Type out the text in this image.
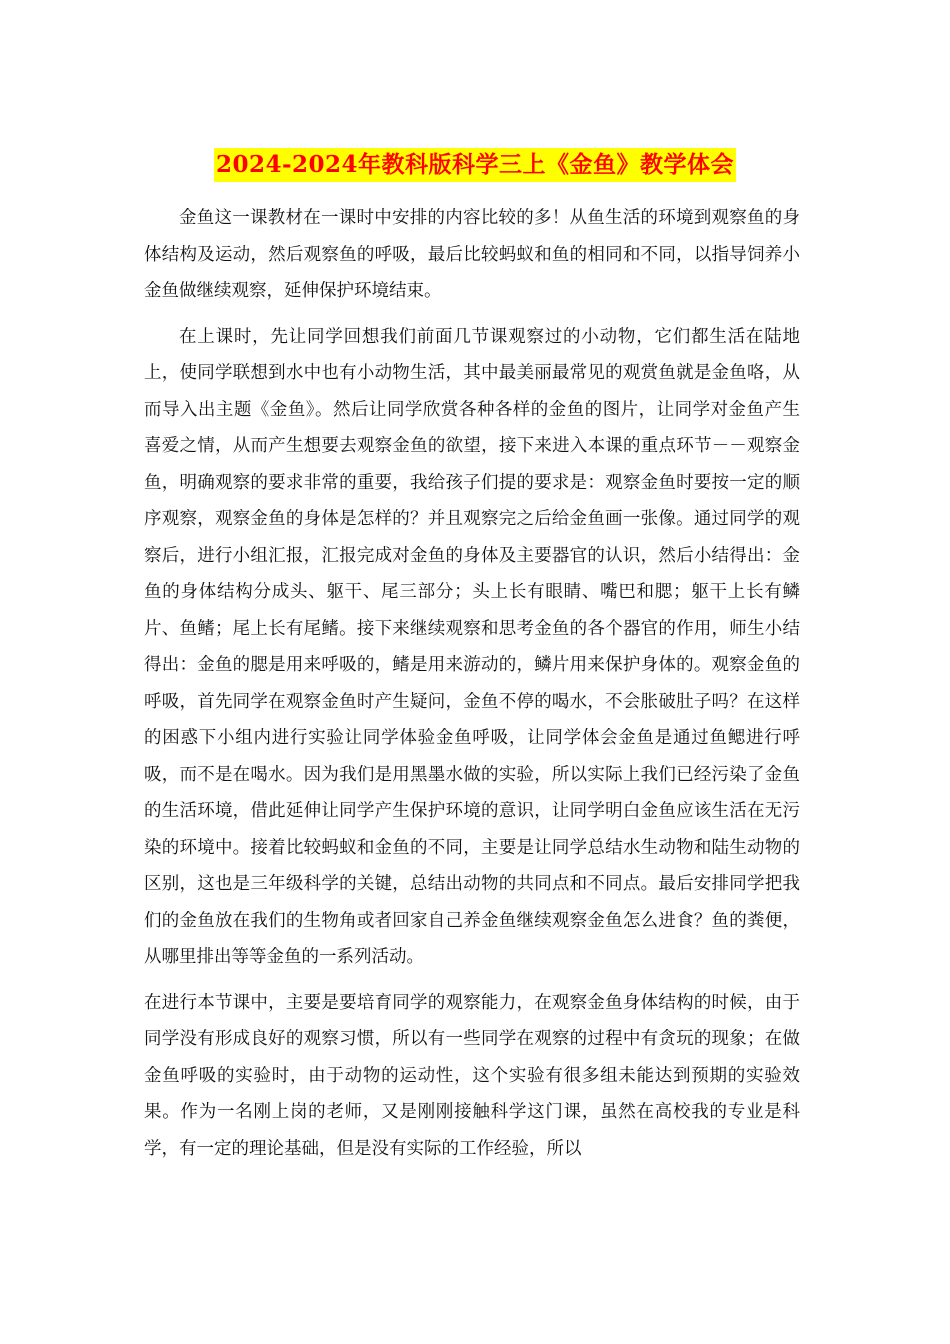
2024-2024年教科版科学三上《金鱼》教学体会

金鱼这一课教材在一课时中安排的内容比较的多！从鱼生活的环境到观察鱼的身体结构及运动，然后观察鱼的呼吸，最后比较蚂蚁和鱼的相同和不同，以指导饲养小金鱼做继续观察，延伸保护环境结束。

在上课时，先让同学回想我们前面几节课观察过的小动物，它们都生活在陆地上，使同学联想到水中也有小动物生活，其中最美丽最常见的观赏鱼就是金鱼咯，从而导入出主题《金鱼》。然后让同学欣赏各种各样的金鱼的图片，让同学对金鱼产生喜爱之情，从而产生想要去观察金鱼的欲望，接下来进入本课的重点环节－－观察金鱼，明确观察的要求非常的重要，我给孩子们提的要求是：观察金鱼时要按一定的顺序观察，观察金鱼的身体是怎样的？并且观察完之后给金鱼画一张像。通过同学的观察后，进行小组汇报，汇报完成对金鱼的身体及主要器官的认识，然后小结得出：金鱼的身体结构分成头、躯干、尾三部分；头上长有眼睛、嘴巴和腮；躯干上长有鳞片、鱼鳍；尾上长有尾鳍。接下来继续观察和思考金鱼的各个器官的作用，师生小结得出：金鱼的腮是用来呼吸的，鳍是用来游动的，鳞片用来保护身体的。观察金鱼的呼吸，首先同学在观察金鱼时产生疑问，金鱼不停的喝水，不会胀破肚子吗？在这样的困惑下小组内进行实验让同学体验金鱼呼吸，让同学体会金鱼是通过鱼鳃进行呼吸，而不是在喝水。因为我们是用黑墨水做的实验，所以实际上我们已经污染了金鱼的生活环境，借此延伸让同学产生保护环境的意识，让同学明白金鱼应该生活在无污染的环境中。接着比较蚂蚁和金鱼的不同，主要是让同学总结水生动物和陆生动物的区别，这也是三年级科学的关键，总结出动物的共同点和不同点。最后安排同学把我们的金鱼放在我们的生物角或者回家自己养金鱼继续观察金鱼怎么进食？鱼的粪便，从哪里排出等等金鱼的一系列活动。

在进行本节课中，主要是要培育同学的观察能力，在观察金鱼身体结构的时候，由于同学没有形成良好的观察习惯，所以有一些同学在观察的过程中有贪玩的现象；在做金鱼呼吸的实验时，由于动物的运动性，这个实验有很多组未能达到预期的实验效果。作为一名刚上岗的老师，又是刚刚接触科学这门课，虽然在高校我的专业是科学，有一定的理论基础，但是没有实际的工作经验，所以
